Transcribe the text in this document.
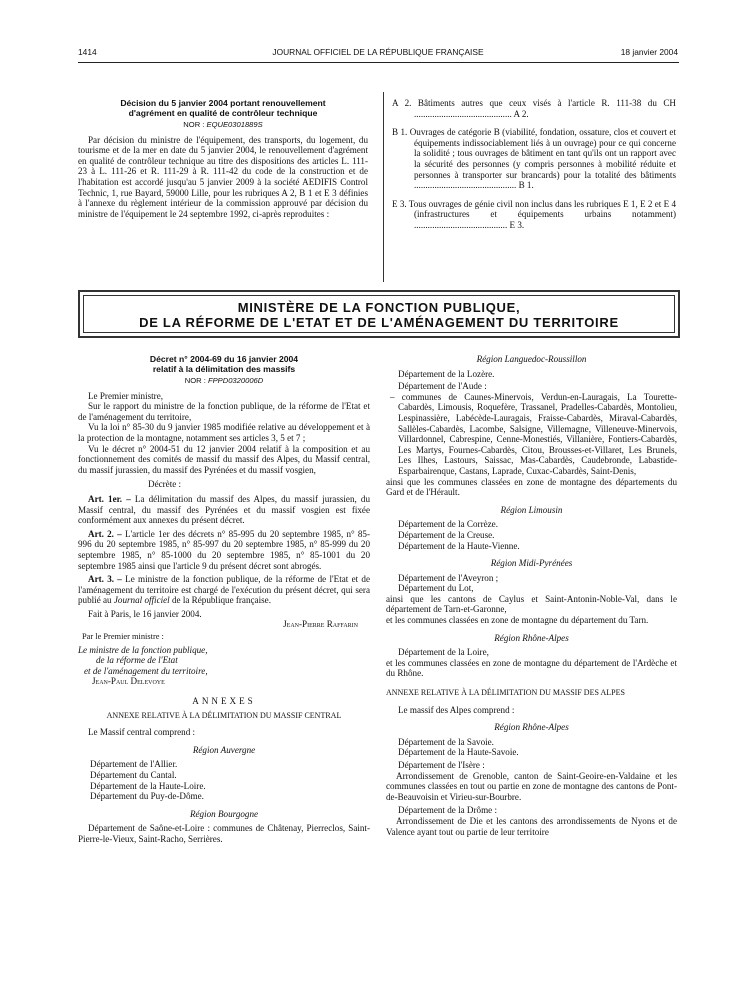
1414	JOURNAL OFFICIEL DE LA RÉPUBLIQUE FRANÇAISE	18 janvier 2004
Décision du 5 janvier 2004 portant renouvellement
d'agrément en qualité de contrôleur technique
NOR : EQUE0301889S

Par décision du ministre de l'équipement, des transports, du logement, du tourisme et de la mer en date du 5 janvier 2004, le renouvellement d'agrément en qualité de contrôleur technique au titre des dispositions des articles L. 111-23 à L. 111-26 et R. 111-29 à R. 111-42 du code de la construction et de l'habitation est accordé jusqu'au 5 janvier 2009 à la société AEDIFIS Control Technic, 1, rue Bayard, 59000 Lille, pour les rubriques A 2, B 1 et E 3 définies à l'annexe du règlement intérieur de la commission approuvé par décision du ministre de l'équipement le 24 septembre 1992, ci-après reproduites :

A 2. Bâtiments autres que ceux visés à l'article R. 111-38 du CH ........................................... A 2.

B 1. Ouvrages de catégorie B (viabilité, fondation, ossature, clos et couvert et équipements indissociablement liés à un ouvrage) pour ce qui concerne la solidité ; tous ouvrages de bâtiment en tant qu'ils ont un rapport avec la sécurité des personnes (y compris personnes à mobilité réduite et personnes à transporter sur brancards) pour la totalité des bâtiments ............................................. B 1.

E 3. Tous ouvrages de génie civil non inclus dans les rubriques E 1, E 2 et E 4 (infrastructures et équipements urbains notamment) ......................................... E 3.

MINISTÈRE DE LA FONCTION PUBLIQUE,
DE LA RÉFORME DE L'ETAT ET DE L'AMÉNAGEMENT DU TERRITOIRE
Décret n° 2004-69 du 16 janvier 2004
relatif à la délimitation des massifs
NOR : FPPD0320006D

Le Premier ministre,

Sur le rapport du ministre de la fonction publique, de la réforme de l'Etat et de l'aménagement du territoire,

Vu la loi n° 85-30 du 9 janvier 1985 modifiée relative au développement et à la protection de la montagne, notamment ses articles 3, 5 et 7 ;

Vu le décret n° 2004-51 du 12 janvier 2004 relatif à la composition et au fonctionnement des comités de massif du massif des Alpes, du Massif central, du massif jurassien, du massif des Pyrénées et du massif vosgien,

Décrète :

Art. 1er. – La délimitation du massif des Alpes, du massif jurassien, du Massif central, du massif des Pyrénées et du massif vosgien est fixée conformément aux annexes du présent décret.

Art. 2. – L'article 1er des décrets n° 85-995 du 20 septembre 1985, n° 85-996 du 20 septembre 1985, n° 85-997 du 20 septembre 1985, n° 85-999 du 20 septembre 1985, n° 85-1000 du 20 septembre 1985, n° 85-1001 du 20 septembre 1985 ainsi que l'article 9 du présent décret sont abrogés.

Art. 3. – Le ministre de la fonction publique, de la réforme de l'Etat et de l'aménagement du territoire est chargé de l'exécution du présent décret, qui sera publié au Journal officiel de la République française.

Fait à Paris, le 16 janvier 2004.

Jean-Pierre Raffarin

Par le Premier ministre :

Le ministre de la fonction publique,

de la réforme de l'Etat

et de l'aménagement du territoire,

Jean-Paul Delevoye

ANNEXES
ANNEXE RELATIVE À LA DÉLIMITATION DU MASSIF CENTRAL

Le Massif central comprend :

Région Auvergne

Département de l'Allier.

Département du Cantal.

Département de la Haute-Loire.

Département du Puy-de-Dôme.

Région Bourgogne

Département de Saône-et-Loire : communes de Châtenay, Pierreclos, Saint-Pierre-le-Vieux, Saint-Racho, Serrières.

Région Languedoc-Roussillon

Département de la Lozère.

Département de l'Aude :

– communes de Caunes-Minervois, Verdun-en-Lauragais, La Tourette-Cabardès, Limousis, Roquefère, Trassanel, Pradelles-Cabardès, Montolieu, Lespinassière, Labécède-Lauragais, Fraisse-Cabardès, Miraval-Cabardès, Sallèles-Cabardès, Lacombe, Salsigne, Villemagne, Villeneuve-Minervois, Villardonnel, Cabrespine, Cenne-Monestiés, Villanière, Fontiers-Cabardès, Les Martys, Fournes-Cabardès, Citou, Brousses-et-Villaret, Les Brunels, Les Ilhes, Lastours, Saissac, Mas-Cabardès, Caudebronde, Labastide-Esparbairenque, Castans, Laprade, Cuxac-Cabardès, Saint-Denis,

ainsi que les communes classées en zone de montagne des départements du Gard et de l'Hérault.

Région Limousin

Département de la Corrèze.

Département de la Creuse.

Département de la Haute-Vienne.

Région Midi-Pyrénées

Département de l'Aveyron ;

Département du Lot,

ainsi que les cantons de Caylus et Saint-Antonin-Noble-Val, dans le département de Tarn-et-Garonne,

et les communes classées en zone de montagne du département du Tarn.

Région Rhône-Alpes

Département de la Loire,

et les communes classées en zone de montagne du département de l'Ardèche et du Rhône.

ANNEXE RELATIVE À LA DÉLIMITATION DU MASSIF DES ALPES

Le massif des Alpes comprend :

Région Rhône-Alpes

Département de la Savoie.

Département de la Haute-Savoie.

Département de l'Isère :

Arrondissement de Grenoble, canton de Saint-Geoire-en-Valdaine et les communes classées en tout ou partie en zone de montagne des cantons de Pont-de-Beauvoisin et Virieu-sur-Bourbre.

Département de la Drôme :

Arrondissement de Die et les cantons des arrondissements de Nyons et de Valence ayant tout ou partie de leur territoire
